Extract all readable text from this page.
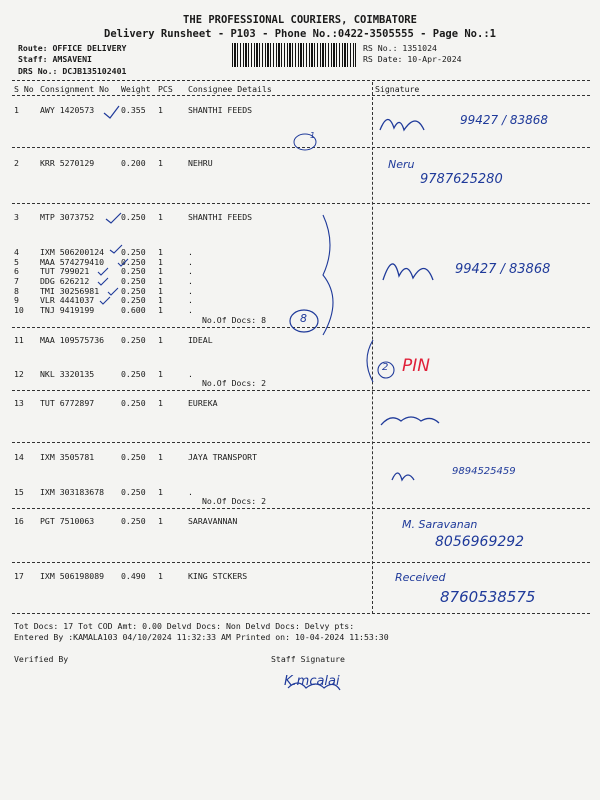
THE PROFESSIONAL COURIERS, COIMBATORE
Delivery Runsheet - P103 - Phone No.:0422-3505555 - Page No.:1
Route: OFFICE DELIVERY
Staff: AMSAVENI
DRS No.: DCJB135102401
RS No.: 1351024
RS Date: 10-Apr-2024
S No Consignment No Weight PCS Consignee Details	Signature
1	AWY 1420573	0.355 1	SHANTHI FEEDS
2	KRR 5270129	0.200 1	NEHRU
3	MTP 3073752	0.250 1	SHANTHI FEEDS
4	IXM 506200124 0.250 1	.
5	MAA 574279410 0.250 1	.
6	TUT 799021	0.250 1	.
7	DDG 626212	0.250 1	.
8	TMI 30256981	0.250 1	.
9	VLR 4441037	0.250 1	.
10 TNJ 9419199	0.600 1	.
No.Of Docs: 8
11 MAA 109575736 0.250 1	IDEAL
12 NKL 3320135	0.250 1	.
No.Of Docs: 2
13 TUT 6772897	0.250 1	EUREKA
14 IXM 3505781	0.250 1	JAYA TRANSPORT
15 IXM 303183678 0.250 1	.
No.Of Docs: 2
16 PGT 7510063	0.250 1	SARAVANNAN
17 IXM 506198089 0.490 1	KING STCKERS
Tot Docs: 17 Tot COD Amt: 0.00 Delvd Docs: Non Delvd Docs: Delvy pts:
Entered By :KAMALA103 04/10/2024 11:32:33 AM Printed on: 10-04-2024 11:53:30
Verified By	Staff Signature
1
8
2 PIN
99427 / 83868
Neru
9787625280
99427 / 83868
9894525459
M. Saravanan
8056969292
Received
8760538575
K.mcalai
